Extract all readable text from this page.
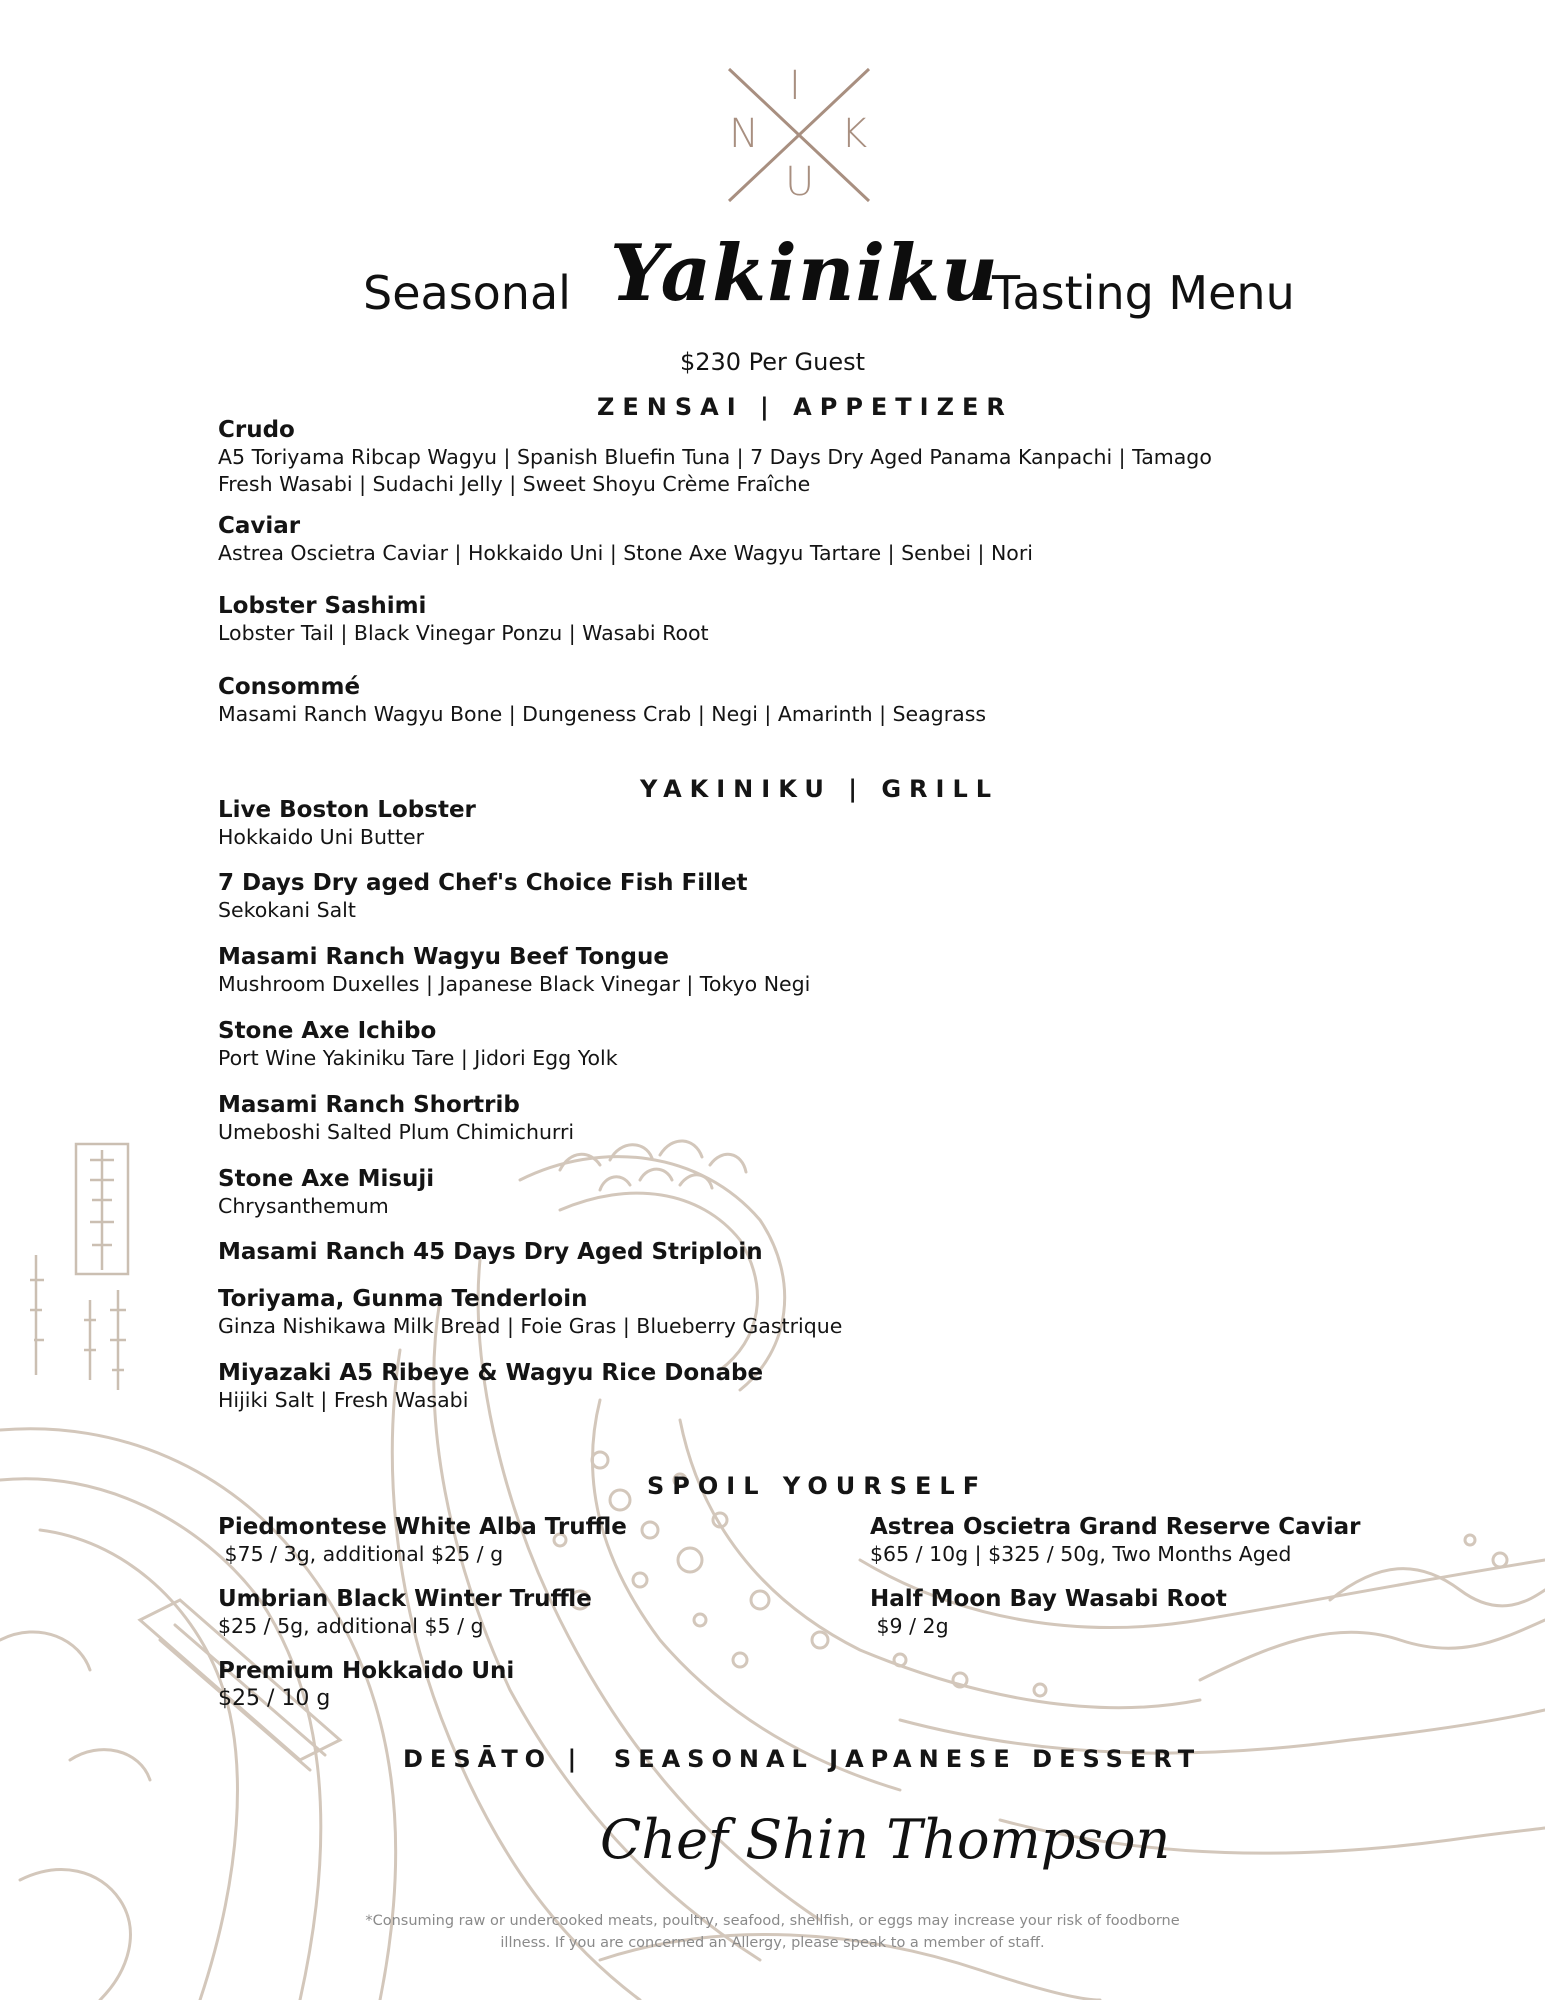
I
N K
U
Seasonal Yakiniku
Tasting Menu
$230 Per Guest
ZENSAI | APPETIZER

Crudo

A5 Toriyama Ribcap Wagyu | Spanish Bluefin Tuna | 7 Days Dry Aged Panama Kanpachi | Tamago

Fresh Wasabi | Sudachi Jelly | Sweet Shoyu Crème Fraîche

Caviar

Astrea Oscietra Caviar | Hokkaido Uni | Stone Axe Wagyu Tartare | Senbei | Nori

Lobster Sashimi

Lobster Tail | Black Vinegar Ponzu | Wasabi Root

Consommé

Masami Ranch Wagyu Bone | Dungeness Crab | Negi | Amarinth | Seagrass

YAKINIKU | GRILL

Live Boston Lobster

Hokkaido Uni Butter

7 Days Dry aged Chef's Choice Fish Fillet

Sekokani Salt

Masami Ranch Wagyu Beef Tongue

Mushroom Duxelles | Japanese Black Vinegar | Tokyo Negi

Stone Axe Ichibo

Port Wine Yakiniku Tare | Jidori Egg Yolk

Masami Ranch Shortrib

Umeboshi Salted Plum Chimichurri

Stone Axe Misuji

Chrysanthemum

Masami Ranch 45 Days Dry Aged Striploin

Toriyama, Gunma Tenderloin

Ginza Nishikawa Milk Bread | Foie Gras | Blueberry Gastrique

Miyazaki A5 Ribeye & Wagyu Rice Donabe

Hijiki Salt | Fresh Wasabi

SPOIL YOURSELF

Piedmontese White Alba Truffle

$75 / 3g, additional $25 / g

Umbrian Black Winter Truffle

$25 / 5g, additional $5 / g

Premium Hokkaido Uni

$25 / 10 g

Astrea Oscietra Grand Reserve Caviar

$65 / 10g | $325 / 50g, Two Months Aged

Half Moon Bay Wasabi Root

$9 / 2g

DESĀTO |  SEASONAL JAPANESE DESSERT
Chef Shin Thompson
*Consuming raw or undercooked meats, poultry, seafood, shellfish, or eggs may increase your risk of foodborne
illness. If you are concerned an Allergy, please speak to a member of staff.
